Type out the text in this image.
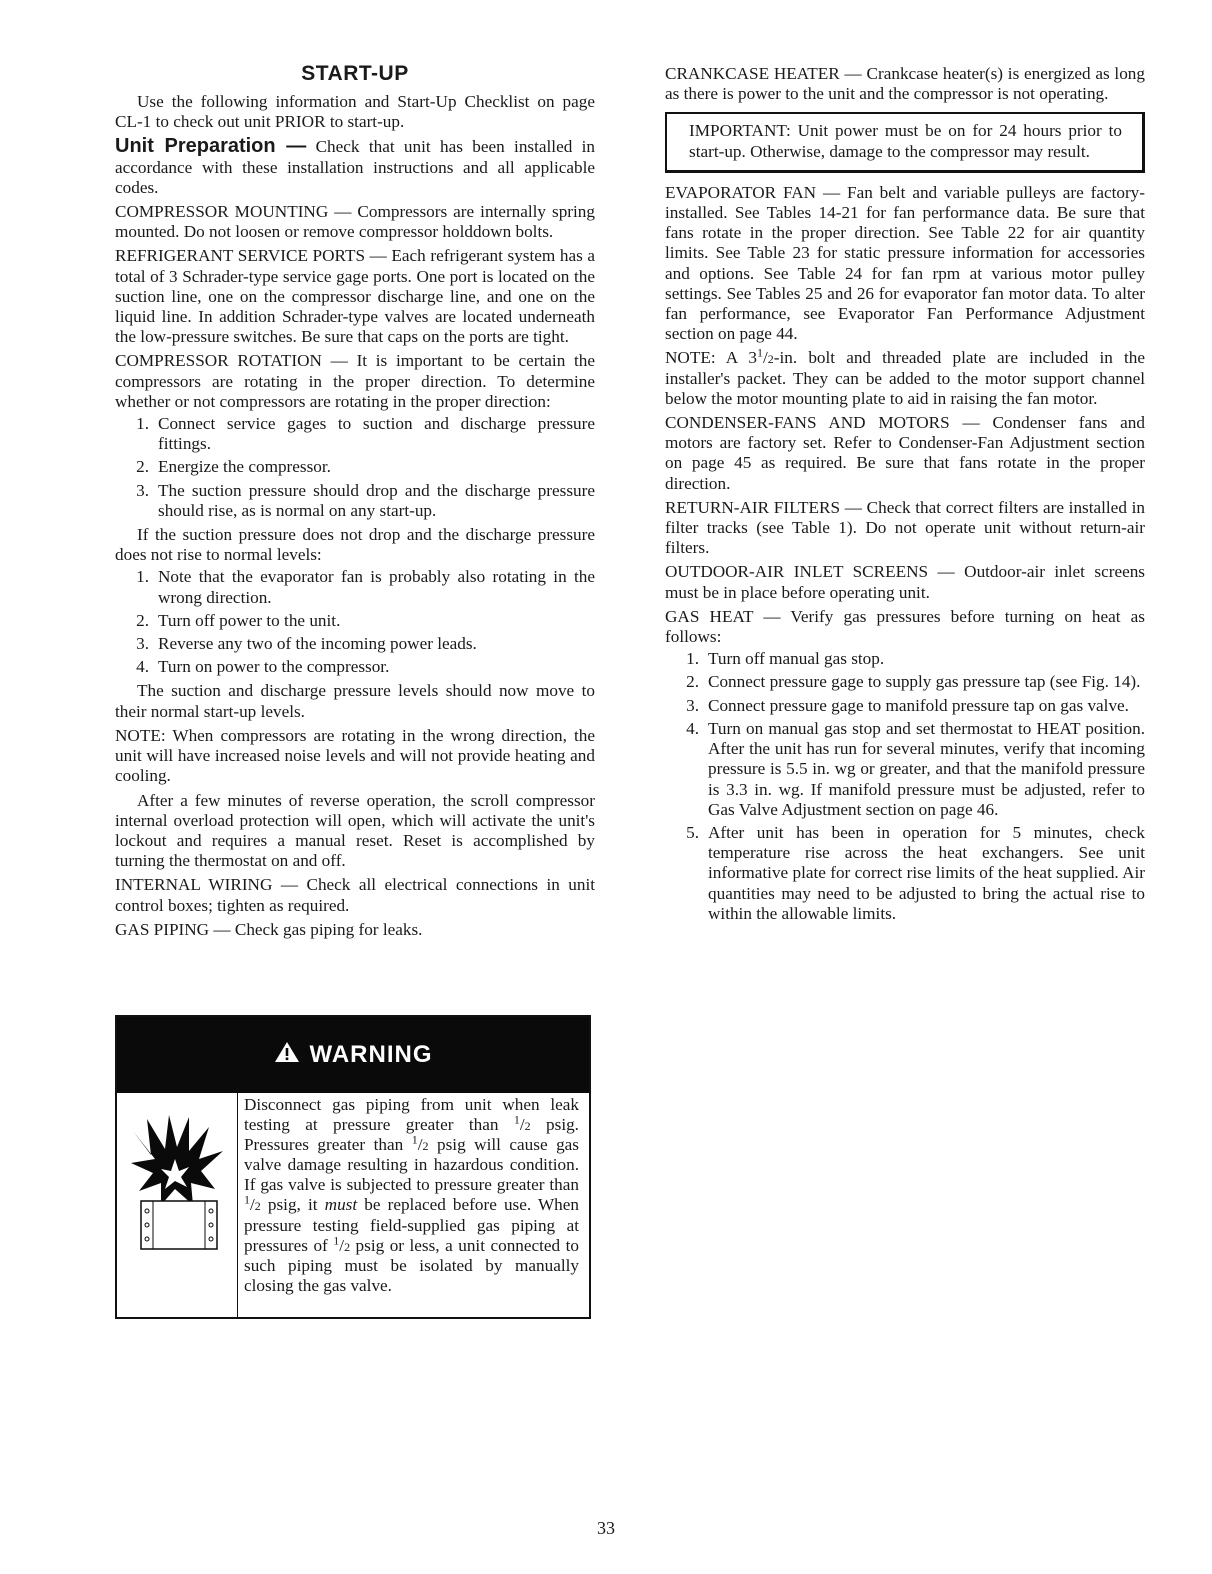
START-UP

Use the following information and Start-Up Checklist on page CL-1 to check out unit PRIOR to start-up.

Unit Preparation — Check that unit has been installed in accordance with these installation instructions and all applicable codes.

COMPRESSOR MOUNTING — Compressors are internally spring mounted. Do not loosen or remove compressor holddown bolts.

REFRIGERANT SERVICE PORTS — Each refrigerant system has a total of 3 Schrader-type service gage ports. One port is located on the suction line, one on the compressor discharge line, and one on the liquid line. In addition Schrader-type valves are located underneath the low-pressure switches. Be sure that caps on the ports are tight.

COMPRESSOR ROTATION — It is important to be certain the compressors are rotating in the proper direction. To determine whether or not compressors are rotating in the proper direction:

1. Connect service gages to suction and discharge pressure fittings.
2. Energize the compressor.
3. The suction pressure should drop and the discharge pressure should rise, as is normal on any start-up.

If the suction pressure does not drop and the discharge pressure does not rise to normal levels:

1. Note that the evaporator fan is probably also rotating in the wrong direction.
2. Turn off power to the unit.
3. Reverse any two of the incoming power leads.
4. Turn on power to the compressor.

The suction and discharge pressure levels should now move to their normal start-up levels.

NOTE: When compressors are rotating in the wrong direction, the unit will have increased noise levels and will not provide heating and cooling.

After a few minutes of reverse operation, the scroll compressor internal overload protection will open, which will activate the unit's lockout and requires a manual reset. Reset is accomplished by turning the thermostat on and off.

INTERNAL WIRING — Check all electrical connections in unit control boxes; tighten as required.

GAS PIPING — Check gas piping for leaks.

WARNING

Disconnect gas piping from unit when leak testing at pressure greater than $^1$/2 psig. Pressures greater than $^1$/2 psig will cause gas valve damage resulting in hazardous condition. If gas valve is subjected to pressure greater than $^1$/2 psig, it must be replaced before use. When pressure testing field-supplied gas piping at pressures of $^1$/2 psig or less, a unit connected to such piping must be isolated by manually closing the gas valve.

CRANKCASE HEATER — Crankcase heater(s) is energized as long as there is power to the unit and the compressor is not operating.

IMPORTANT: Unit power must be on for 24 hours prior to start-up. Otherwise, damage to the compressor may result.

EVAPORATOR FAN — Fan belt and variable pulleys are factory-installed. See Tables 14-21 for fan performance data. Be sure that fans rotate in the proper direction. See Table 22 for air quantity limits. See Table 23 for static pressure information for accessories and options. See Table 24 for fan rpm at various motor pulley settings. See Tables 25 and 26 for evaporator fan motor data. To alter fan performance, see Evaporator Fan Performance Adjustment section on page 44.

NOTE: A $3^1/2-in$. bolt and threaded plate are included in the installer's packet. They can be added to the motor support channel below the motor mounting plate to aid in raising the fan motor.

CONDENSER-FANS AND MOTORS — Condenser fans and motors are factory set. Refer to Condenser-Fan Adjustment section on page 45 as required. Be sure that fans rotate in the proper direction.

RETURN-AIR FILTERS — Check that correct filters are installed in filter tracks (see Table 1). Do not operate unit without return-air filters.

OUTDOOR-AIR INLET SCREENS — Outdoor-air inlet screens must be in place before operating unit.

GAS HEAT — Verify gas pressures before turning on heat as follows:

1. Turn off manual gas stop.
2. Connect pressure gage to supply gas pressure tap (see Fig. 14).
3. Connect pressure gage to manifold pressure tap on gas valve.
4. Turn on manual gas stop and set thermostat to HEAT position. After the unit has run for several minutes, verify that incoming pressure is 5.5 in. wg or greater, and that the manifold pressure is 3.3 in. wg. If manifold pressure must be adjusted, refer to Gas Valve Adjustment section on page 46.
5. After unit has been in operation for 5 minutes, check temperature rise across the heat exchangers. See unit informative plate for correct rise limits of the heat supplied. Air quantities may need to be adjusted to bring the actual rise to within the allowable limits.
33
